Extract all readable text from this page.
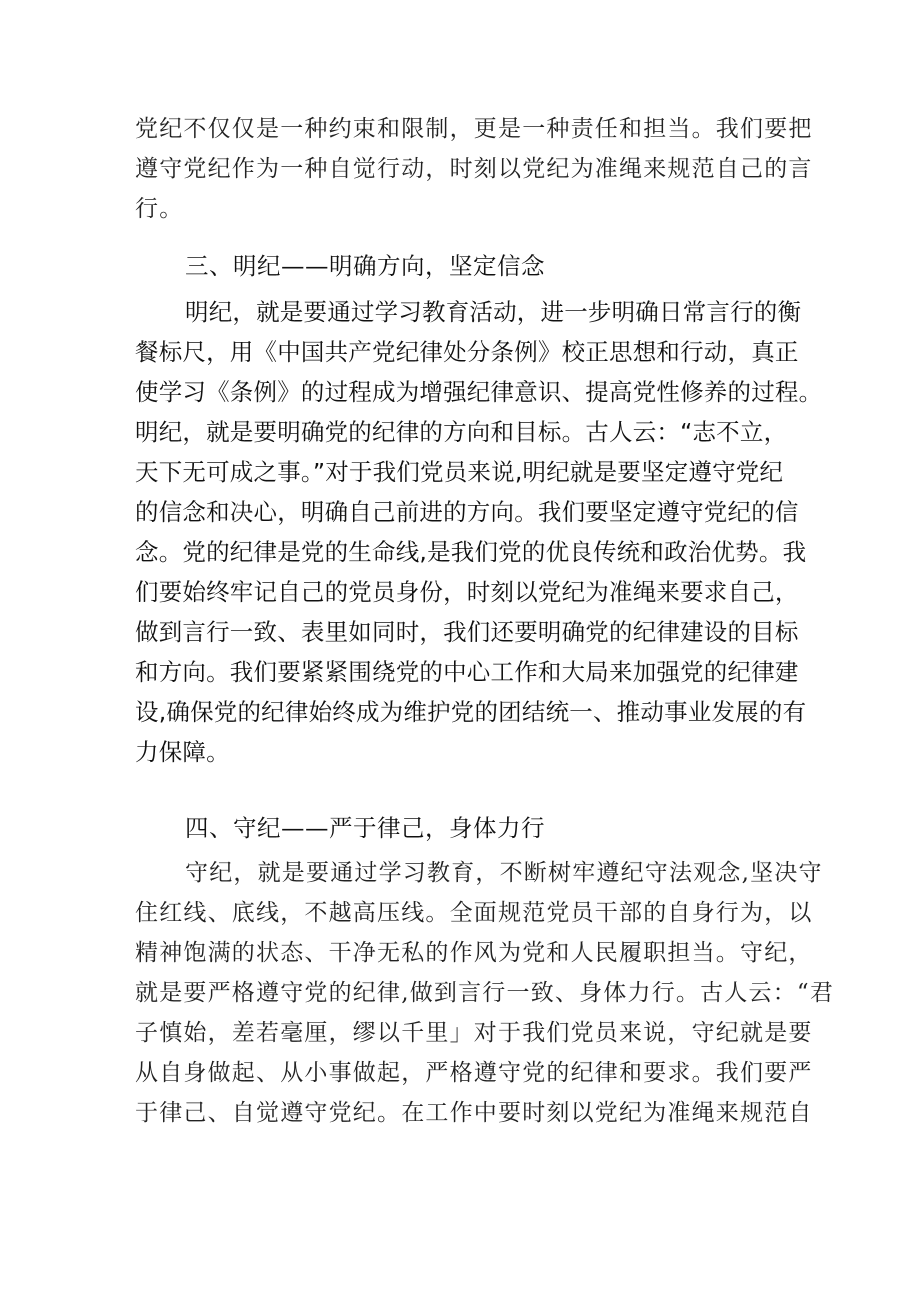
党纪不仅仅是一种约束和限制，更是一种责任和担当。我们要把
遵守党纪作为一种自觉行动，时刻以党纪为准绳来规范自己的言
行。
三、明纪——明确方向，坚定信念
明纪，就是要通过学习教育活动，进一步明确日常言行的衡
餐标尺，用《中国共产党纪律处分条例》校正思想和行动，真正
使学习《条例》的过程成为增强纪律意识、提高党性修养的过程。
明纪，就是要明确党的纪律的方向和目标。古人云：“志不立，
天下无可成之事。”对于我们党员来说,明纪就是要坚定遵守党纪
的信念和决心，明确自己前进的方向。我们要坚定遵守党纪的信
念。党的纪律是党的生命线,是我们党的优良传统和政治优势。我
们要始终牢记自己的党员身份，时刻以党纪为准绳来要求自己，
做到言行一致、表里如同时，我们还要明确党的纪律建设的目标
和方向。我们要紧紧围绕党的中心工作和大局来加强党的纪律建
设,确保党的纪律始终成为维护党的团结统一、推动事业发展的有
力保障。
四、守纪——严于律己，身体力行
守纪，就是要通过学习教育，不断树牢遵纪守法观念,坚决守
住红线、底线，不越高压线。全面规范党员干部的自身行为，以
精神饱满的状态、干净无私的作风为党和人民履职担当。守纪，
就是要严格遵守党的纪律,做到言行一致、身体力行。古人云：“君
子慎始，差若毫厘，缪以千里」对于我们党员来说，守纪就是要
从自身做起、从小事做起，严格遵守党的纪律和要求。我们要严
于律己、自觉遵守党纪。在工作中要时刻以党纪为准绳来规范自
